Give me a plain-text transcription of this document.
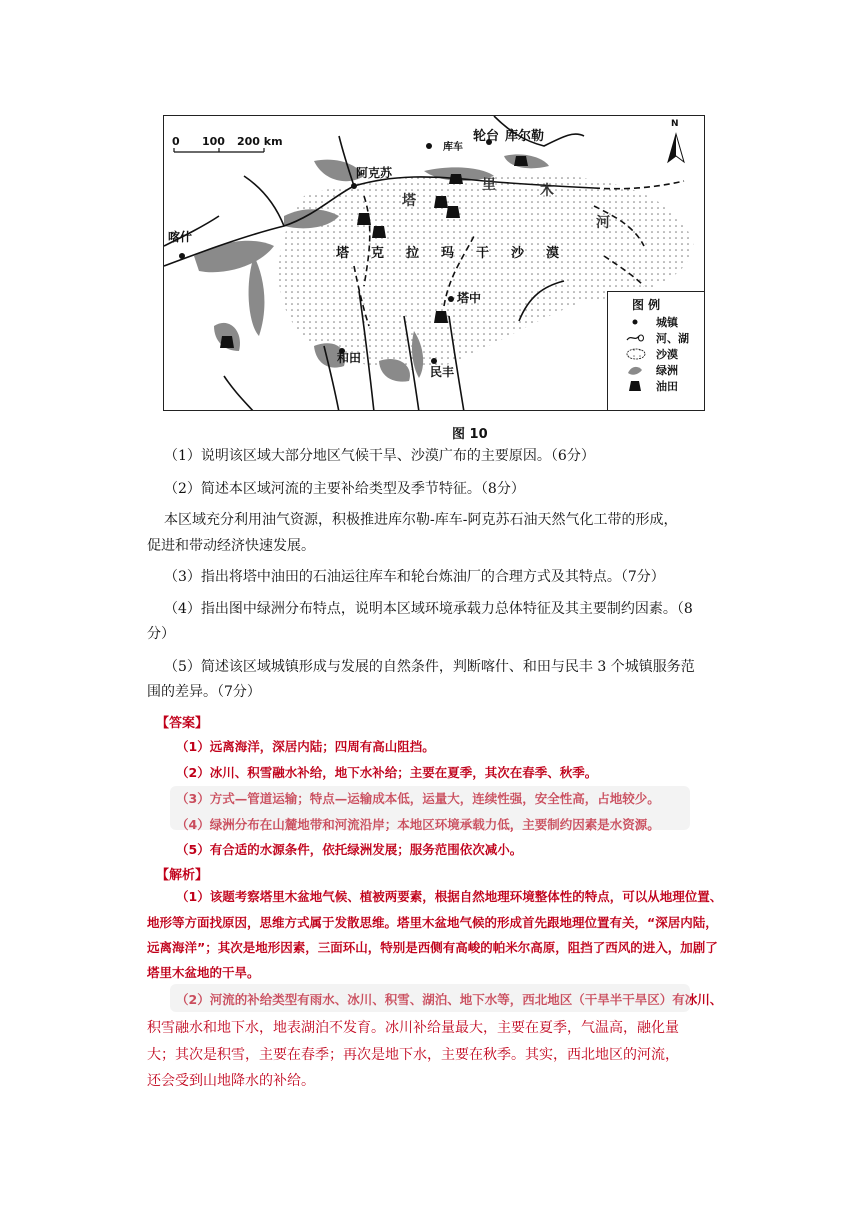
0 100 200 km
N
轮台 库尔勒
库车
阿克苏
喀什
塔中
和田
民丰
塔
里	木
河
塔克拉玛干沙漠
图 例
城镇
河、湖
沙漠
绿洲
油田
图 10
（1）说明该区域大部分地区气候干旱、沙漠广布的主要原因。（6分）
（2）简述本区域河流的主要补给类型及季节特征。（8分）
本区域充分利用油气资源，积极推进库尔勒-库车-阿克苏石油天然气化工带的形成，
促进和带动经济快速发展。
（3）指出将塔中油田的石油运往库车和轮台炼油厂的合理方式及其特点。（7分）
（4）指出图中绿洲分布特点，说明本区域环境承载力总体特征及其主要制约因素。（8
分）
（5）简述该区域城镇形成与发展的自然条件，判断喀什、和田与民丰 3 个城镇服务范
围的差异。（7分）
【答案】
（1）远离海洋，深居内陆；四周有高山阻挡。
（2）冰川、积雪融水补给，地下水补给；主要在夏季，其次在春季、秋季。
（3）方式—管道运输；特点—运输成本低，运量大，连续性强，安全性高，占地较少。
（4）绿洲分布在山麓地带和河流沿岸；本地区环境承载力低，主要制约因素是水资源。
（5）有合适的水源条件，依托绿洲发展；服务范围依次减小。
【解析】
（1）该题考察塔里木盆地气候、植被两要素，根据自然地理环境整体性的特点，可以从地理位置、
地形等方面找原因，思维方式属于发散思维。塔里木盆地气候的形成首先跟地理位置有关，“深居内陆，
远离海洋”；其次是地形因素，三面环山，特别是西侧有高峻的帕米尔高原，阻挡了西风的进入，加剧了
塔里木盆地的干旱。
（2）河流的补给类型有雨水、冰川、积雪、湖泊、地下水等，西北地区（干旱半干旱区）有冰川、
积雪融水和地下水，地表湖泊不发育。冰川补给量最大，主要在夏季，气温高，融化量
大；其次是积雪，主要在春季；再次是地下水，主要在秋季。其实，西北地区的河流，
还会受到山地降水的补给。
